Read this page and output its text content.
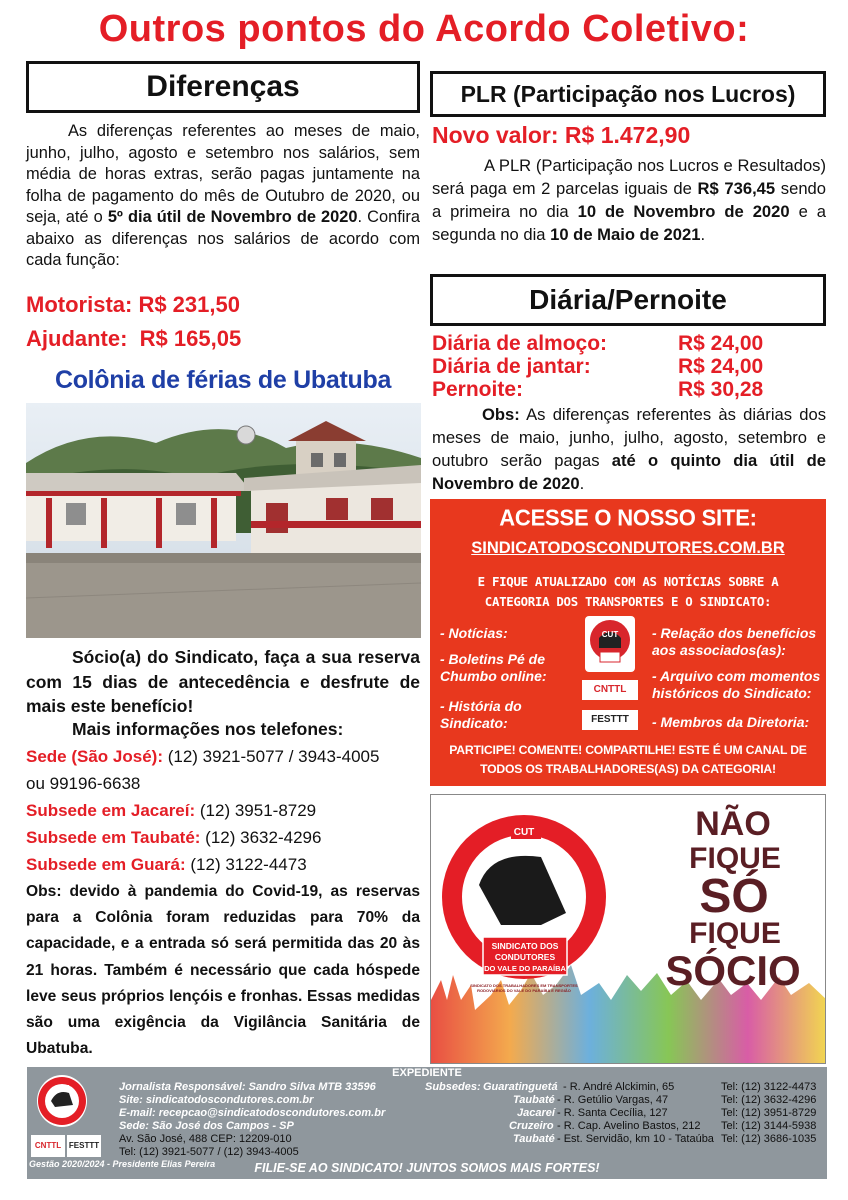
Outros pontos do Acordo Coletivo:
Diferenças

As diferenças referentes ao meses de maio, junho, julho, agosto e setembro nos salários, sem média de horas extras, serão pagas juntamente na folha de pagamento do mês de Outubro de 2020, ou seja, até o 5º dia útil de Novembro de 2020. Confira abaixo as diferenças nos salários de acordo com cada função:

Motorista: R$ 231,50
Ajudante:  R$ 165,05
Colônia de férias de Ubatuba

Sócio(a) do Sindicato, faça a sua reserva com 15 dias de antecedência e desfrute de mais este benefício!

Mais informações nos telefones:
Sede (São José): (12) 3921-5077 / 3943-4005
ou 99196-6638
Subsede em Jacareí: (12) 3951-8729
Subsede em Taubaté: (12) 3632-4296
Subsede em Guará: (12) 3122-4473

Obs: devido à pandemia do Covid-19, as reservas para a Colônia foram reduzidas para 70% da capacidade, e a entrada só será permitida das 20 às 21 horas. Também é necessário que cada hóspede leve seus próprios lençóis e fronhas. Essas medidas são uma exigência da Vigilância Sanitária de Ubatuba.

PLR (Participação nos Lucros)
Novo valor: R$ 1.472,90

A PLR (Participação nos Lucros e Resultados) será paga em 2 parcelas iguais de R$ 736,45 sendo a primeira no dia 10 de Novembro de 2020 e a segunda no dia 10 de Maio de 2021.

Diária/Pernoite
Diária de almoço:	R$ 24,00
Diária de jantar:	R$ 24,00
Pernoite:	R$ 30,28

Obs: As diferenças referentes às diárias dos meses de maio, junho, julho, agosto, setembro e outubro serão pagas até o quinto dia útil de Novembro de 2020.

ACESSE O NOSSO SITE:
SINDICATODOSCONDUTORES.COM.BR
E FIQUE ATUALIZADO COM AS NOTÍCIAS SOBRE A
CATEGORIA DOS TRANSPORTES E O SINDICATO:
- Notícias:
- Boletins Pé de Chumbo online:
- História do Sindicato:
CUT
CNTTL
FESTTT
- Relação dos benefícios aos associados(as):
- Arquivo com momentos históricos do Sindicato:
- Membros da Diretoria:
PARTICIPE! COMENTE! COMPARTILHE! ESTE É UM CANAL DE
TODOS OS TRABALHADORES(AS) DA CATEGORIA!
NÃO
FIQUE
SÓ
FIQUE
SÓCIO
CUT
SINDICATO DOS
CONDUTORES
DO VALE DO PARAÍBA
SINDICATO DOS TRABALHADORES EM TRANSPORTES RODOVIÁRIOS DO VALE DO PARAÍBA E REGIÃO
EXPEDIENTE
CUT
CNTTL FESTTT
Jornalista Responsável: Sandro Silva MTB 33596
Site: sindicatodoscondutores.com.br
E-mail: recepcao@sindicatodoscondutores.com.br
Sede: São José dos Campos - SP
Av. São José, 488 CEP: 12209-010
Tel: (12) 3921-5077 / (12) 3943-4005
Gestão 2020/2024 - Presidente Elias Pereira
Subsedes: Guaratinguetá - R. André Alckimin, 65	Tel: (12) 3122-4473
Taubaté - R. Getúlio Vargas, 47	Tel: (12) 3632-4296
Jacareí - R. Santa Cecília, 127	Tel: (12) 3951-8729
Cruzeiro - R. Cap. Avelino Bastos, 212 Tel: (12) 3144-5938
Taubaté - Est. Servidão, km 10 - Tataúba Tel: (12) 3686-1035
FILIE-SE AO SINDICATO! JUNTOS SOMOS MAIS FORTES!
